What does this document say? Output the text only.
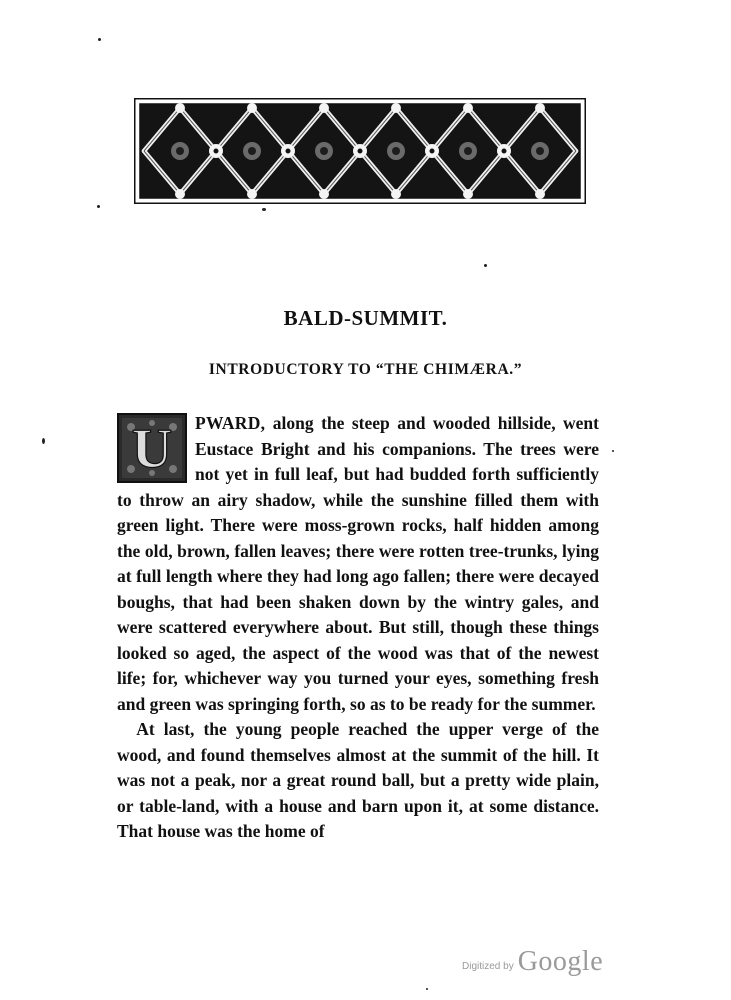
BALD-SUMMIT.
INTRODUCTORY TO “THE CHIMÆRA.”

U PWARD, along the steep and wooded hillside, went Eustace Bright and his companions. The trees were not yet in full leaf, but had budded forth sufficiently to throw an airy shadow, while the sunshine filled them with green light. There were moss-grown rocks, half hidden among the old, brown, fallen leaves; there were rotten tree-trunks, lying at full length where they had long ago fallen; there were decayed boughs, that had been shaken down by the wintry gales, and were scattered everywhere about. But still, though these things looked so aged, the aspect of the wood was that of the newest life; for, whichever way you turned your eyes, something fresh and green was springing forth, so as to be ready for the summer.

At last, the young people reached the upper verge of the wood, and found themselves almost at the summit of the hill. It was not a peak, nor a great round ball, but a pretty wide plain, or table-land, with a house and barn upon it, at some distance. That house was the home of

Digitized by Google
